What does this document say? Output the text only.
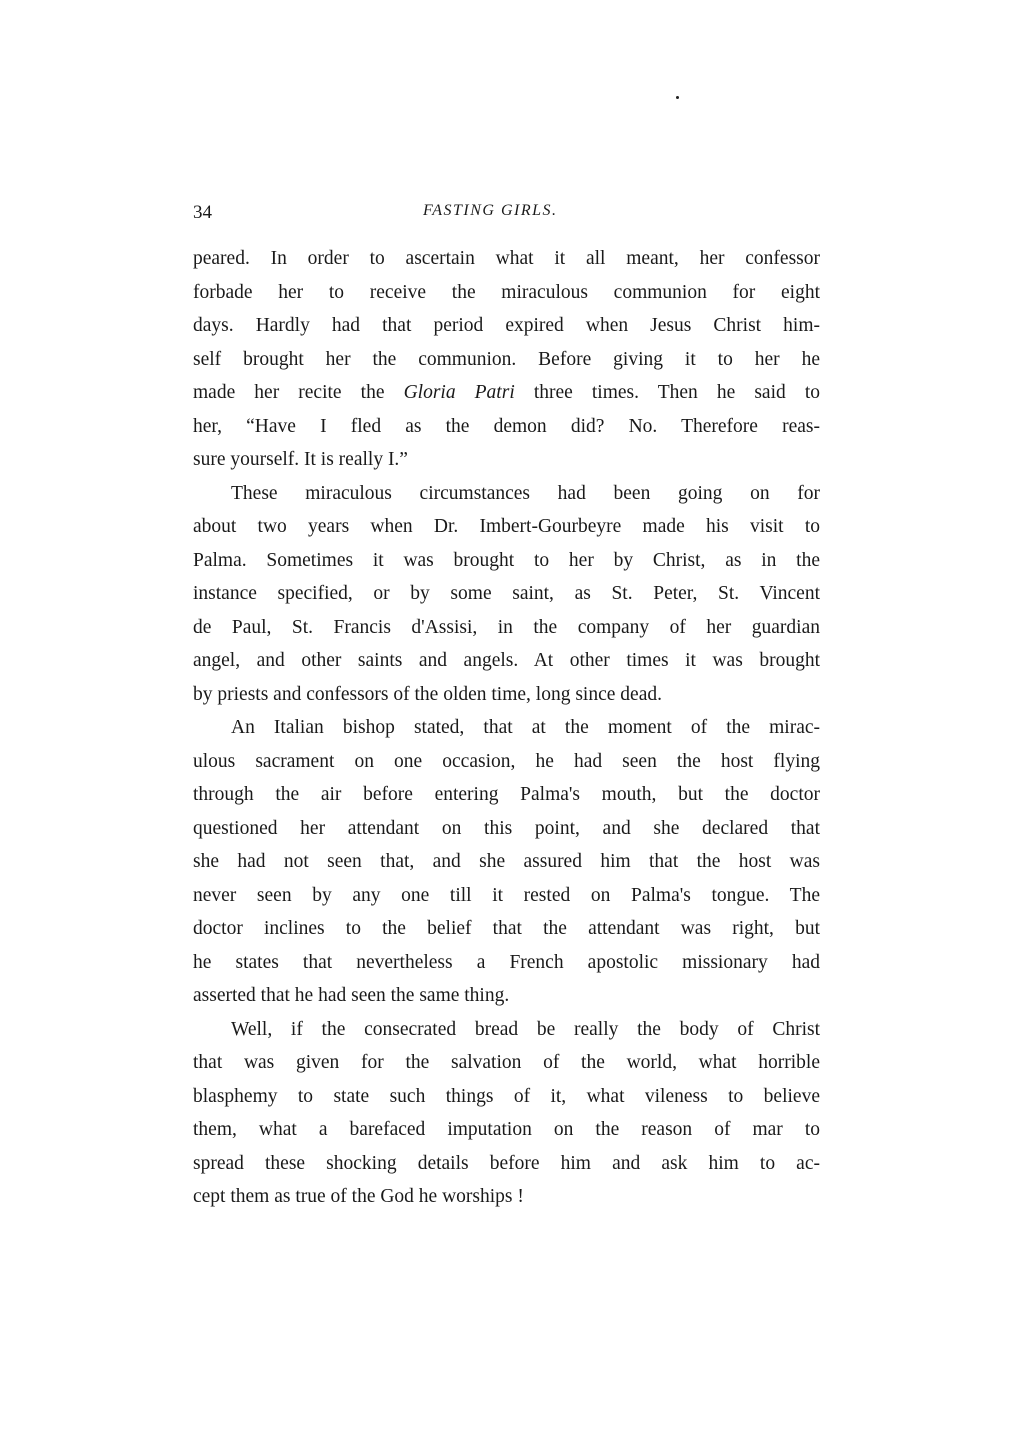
34	FASTING GIRLS.
peared. In order to ascertain what it all meant, her confessor
forbade her to receive the miraculous communion for eight
days. Hardly had that period expired when Jesus Christ him-
self brought her the communion. Before giving it to her he
made her recite the Gloria Patri three times. Then he said to
her, “Have I fled as the demon did? No. Therefore reas-
sure yourself. It is really I.”
These miraculous circumstances had been going on for
about two years when Dr. Imbert-Gourbeyre made his visit to
Palma. Sometimes it was brought to her by Christ, as in the
instance specified, or by some saint, as St. Peter, St. Vincent
de Paul, St. Francis d'Assisi, in the company of her guardian
angel, and other saints and angels. At other times it was brought
by priests and confessors of the olden time, long since dead.
An Italian bishop stated, that at the moment of the mirac-
ulous sacrament on one occasion, he had seen the host flying
through the air before entering Palma's mouth, but the doctor
questioned her attendant on this point, and she declared that
she had not seen that, and she assured him that the host was
never seen by any one till it rested on Palma's tongue. The
doctor inclines to the belief that the attendant was right, but
he states that nevertheless a French apostolic missionary had
asserted that he had seen the same thing.
Well, if the consecrated bread be really the body of Christ
that was given for the salvation of the world, what horrible
blasphemy to state such things of it, what vileness to believe
them, what a barefaced imputation on the reason of mar to
spread these shocking details before him and ask him to ac-
cept them as true of the God he worships !
